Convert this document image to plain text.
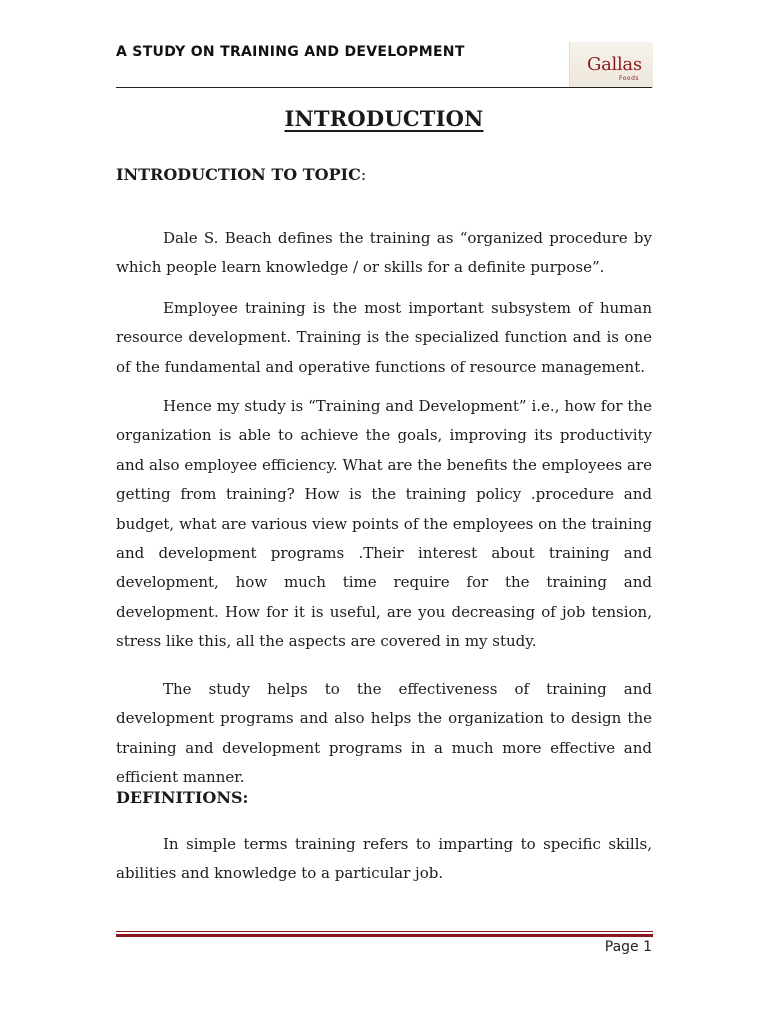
A STUDY ON TRAINING AND DEVELOPMENT
Gallas
Foods
INTRODUCTION
INTRODUCTION TO TOPIC:

Dale S. Beach defines the training as “organized procedure by which people learn knowledge / or skills for a definite purpose”.

Employee training is the most important subsystem of human resource development. Training is the specialized function and is one of the fundamental and operative functions of resource management.

Hence my study is “Training and Development” i.e., how for the organization is able to achieve the goals, improving its productivity and also employee efficiency. What are the benefits the employees are getting from training? How is the training policy .procedure and budget, what are various view points of the employees on the training and development programs .Their interest about training and development, how much time require for the training and development. How for it is useful, are you decreasing of job tension, stress like this, all the aspects are covered in my study.

The study helps to the effectiveness of training and development programs and also helps the organization to design the training and development programs in a much more effective and efficient manner.

DEFINITIONS:

In simple terms training refers to imparting to specific skills, abilities and knowledge to a particular job.

Page 1
